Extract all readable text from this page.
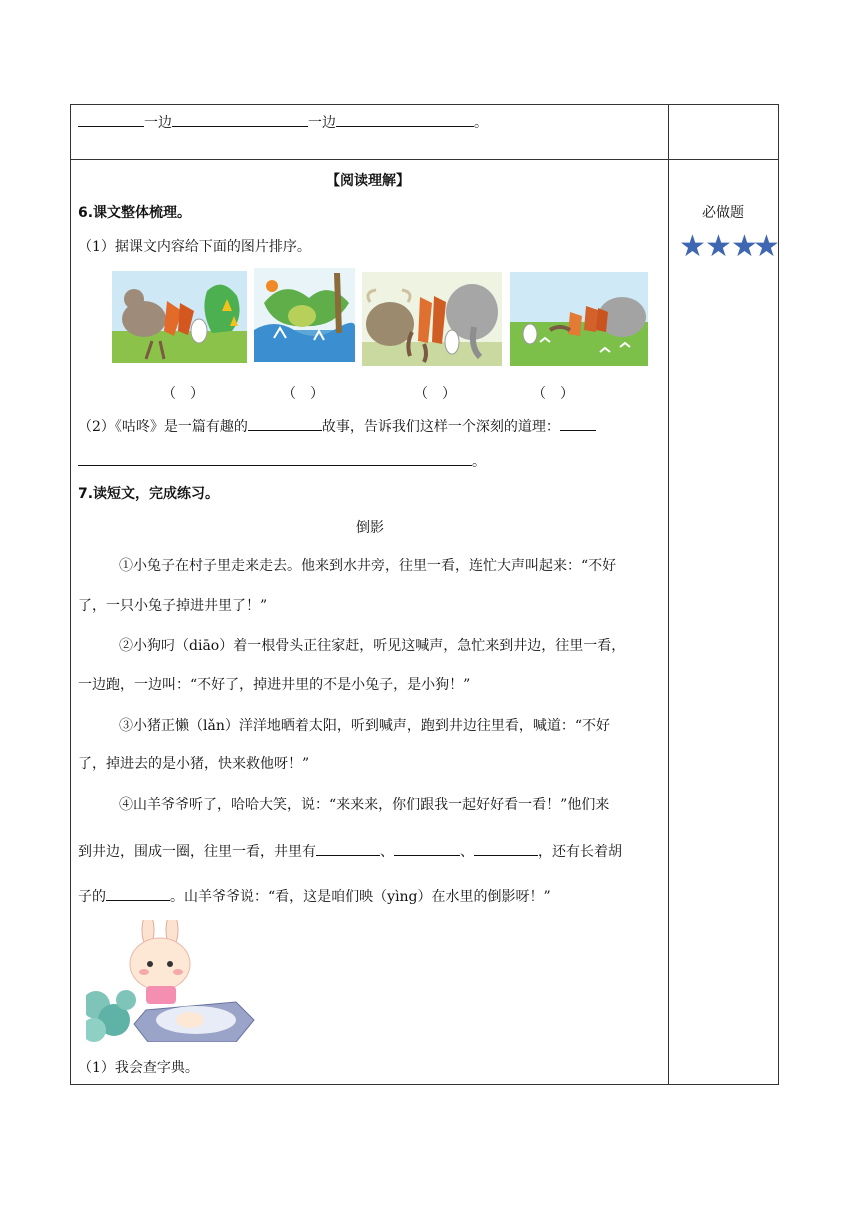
一边	一边	。
【阅读理解】
必做题
★ ★ ★
★
6.课文整体梳理。
（1）据课文内容给下面的图片排序。
（　）	（　）	（　）	（　）
（2）《咕咚》是一篇有趣的	故事，告诉我们这样一个深刻的道理：
。
7.读短文，完成练习。
倒影
①小兔子在村子里走来走去。他来到水井旁，往里一看，连忙大声叫起来：“不好
了，一只小兔子掉进井里了！”
②小狗叼（diāo）着一根骨头正往家赶，听见这喊声，急忙来到井边，往里一看，
一边跑，一边叫：“不好了，掉进井里的不是小兔子，是小狗！”
③小猪正懒（lǎn）洋洋地晒着太阳，听到喊声，跑到井边往里看，喊道：“不好
了，掉进去的是小猪，快来救他呀！”
④山羊爷爷听了，哈哈大笑，说：“来来来，你们跟我一起好好看一看！”他们来
到井边，围成一圈，往里一看，井里有	、	、	，还有长着胡
子的	。山羊爷爷说：“看，这是咱们映（yìng）在水里的倒影呀！”
（1）我会查字典。
